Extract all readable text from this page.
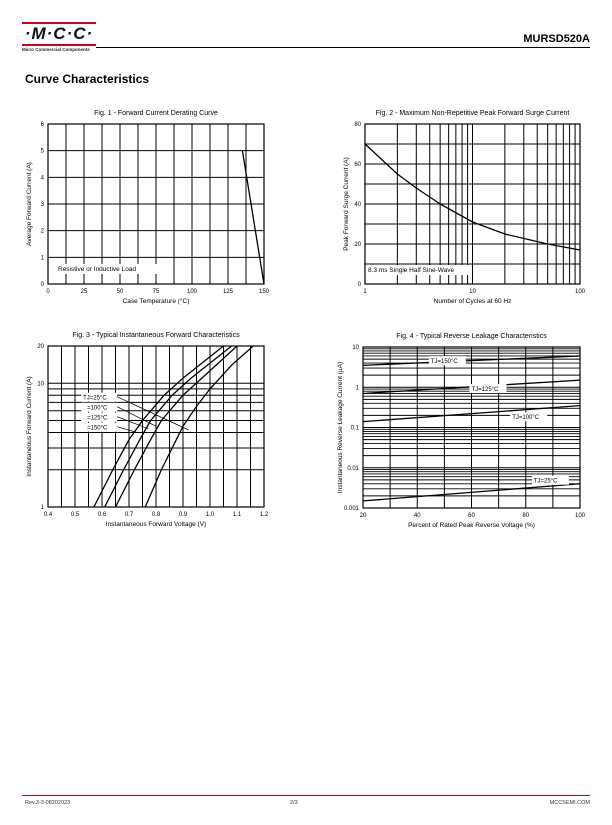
·M·C·C·
Micro Commercial Components
MURSD520A
Curve Characteristics
Fig. 1 - Forward Current Derating Curve
0	25	50	75	100	125	150
0
1
2
3
4
5
6
Case Temperature (°C)
Average Forward Current (A)
Resistive or Inductive Load
Fig. 2 - Maximum Non-Repetitive Peak Forward Surge Current
1	10	100
0
20
40
60
80
Number of Cycles at 60 Hz
Peak Forward Surge Current (A)
8.3 ms Single Half Sine-Wave
Fig. 3 - Typical Instantaneous Forward Characteristics
0.4	0.5	0.6	0.7	0.8	0.9	1.0	1.1	1.2
1
10
20
Instantaneous Forward Voltage (V)
Instantaneous Forward Current (A)	TJ=25°C
=100°C
=125°C
=150°C
Fig. 4 - Typical Reverse Leakage Characteristics
20	40	60	80	100
0.001
0.01
0.1
1
10
Percent of Rated Peak Reverse Voltage (%)
Instantaneous Reverse Leakage Current (µA)	TJ=150°C
TJ=125°C
TJ=100°C
TJ=25°C
Rev.3-3-08202023	2/3	MCCSEMI.COM
